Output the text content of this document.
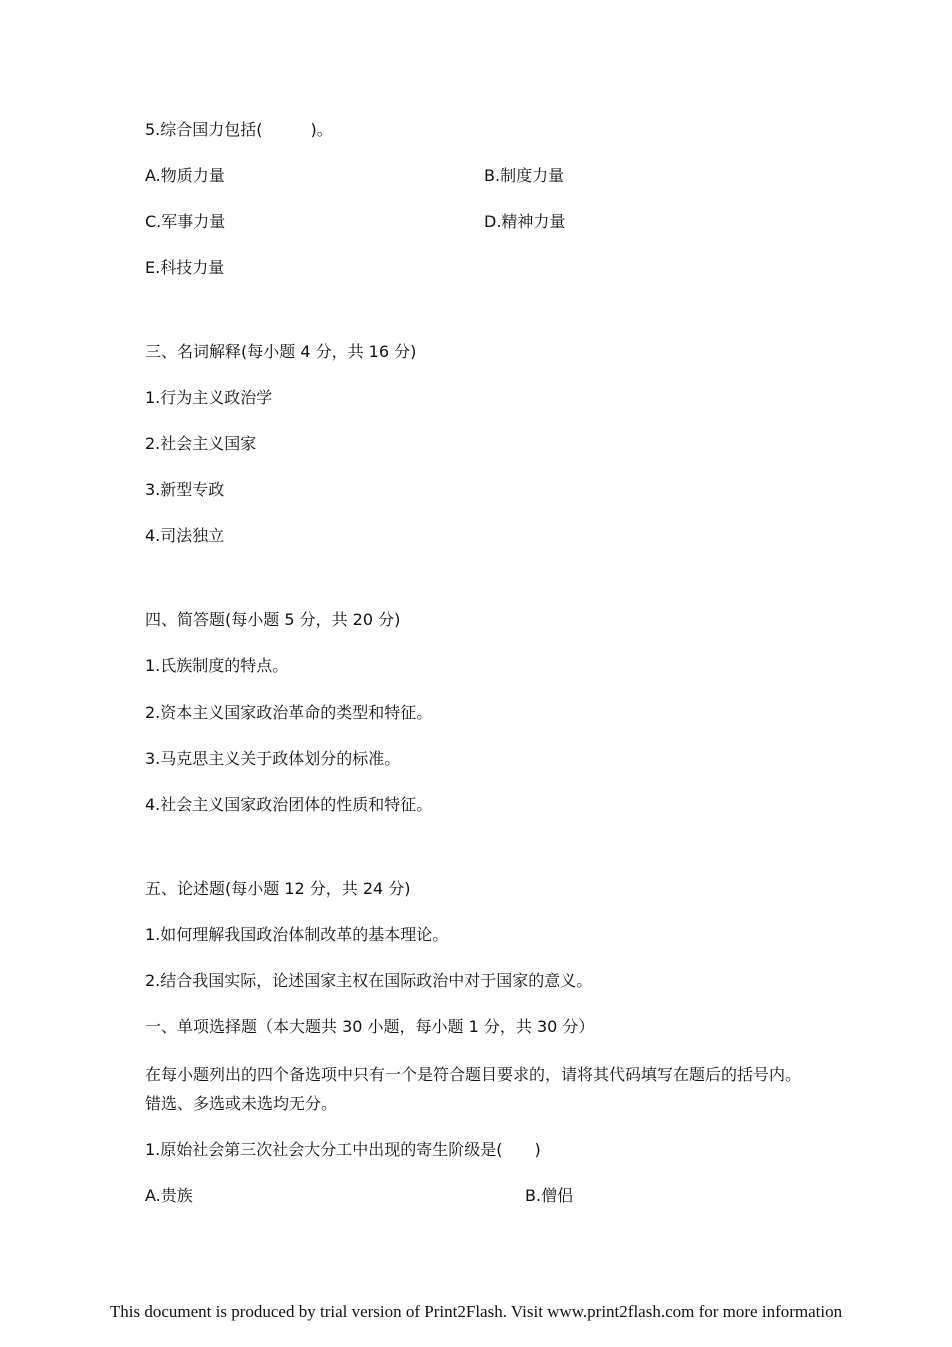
5.综合国力包括(　　　)。
A.物质力量	B.制度力量
C.军事力量	D.精神力量
E.科技力量
三、名词解释(每小题 4 分，共 16 分)
1.行为主义政治学
2.社会主义国家
3.新型专政
4.司法独立
四、简答题(每小题 5 分，共 20 分)
1.氏族制度的特点。
2.资本主义国家政治革命的类型和特征。
3.马克思主义关于政体划分的标准。
4.社会主义国家政治团体的性质和特征。
五、论述题(每小题 12 分，共 24 分)
1.如何理解我国政治体制改革的基本理论。
2.结合我国实际，论述国家主权在国际政治中对于国家的意义。
一、单项选择题（本大题共 30 小题，每小题 1 分，共 30 分）
在每小题列出的四个备选项中只有一个是符合题目要求的，请将其代码填写在题后的括号内。错选、多选或未选均无分。
1.原始社会第三次社会大分工中出现的寄生阶级是(　　)
A.贵族	B.僧侣
This document is produced by trial version of Print2Flash. Visit www.print2flash.com for more information
